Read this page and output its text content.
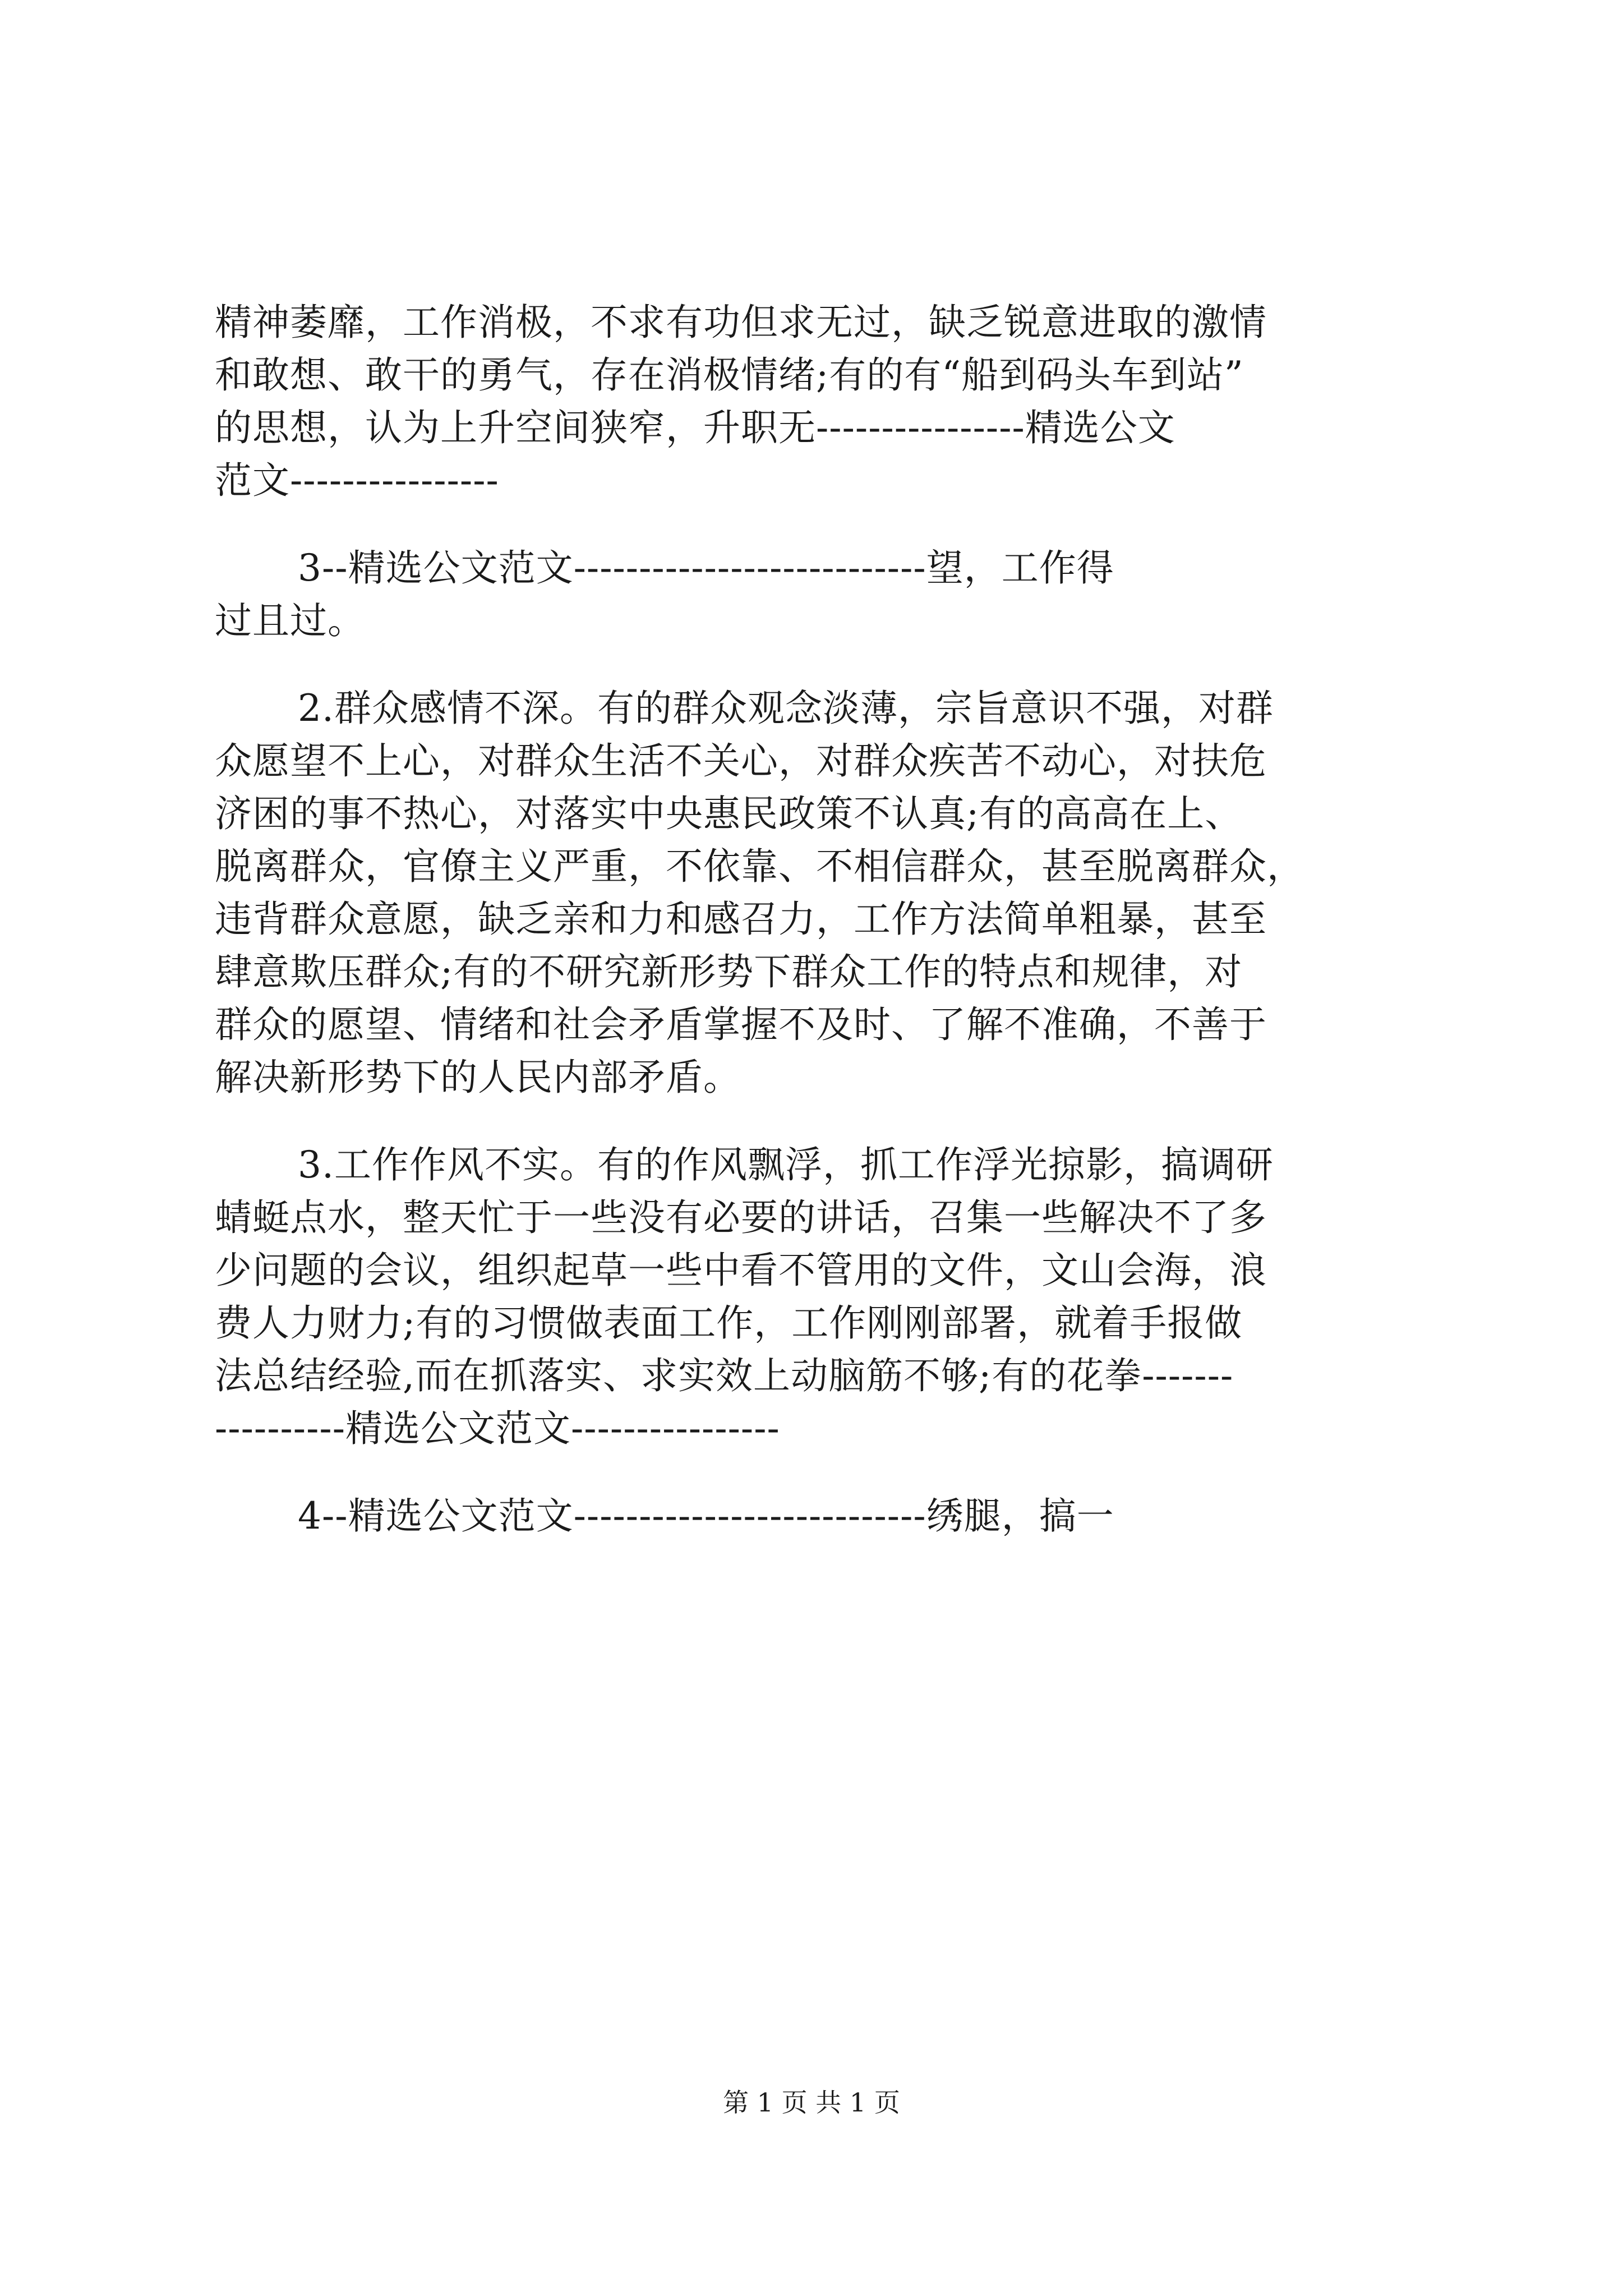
精神萎靡，工作消极，不求有功但求无过，缺乏锐意进取的激情
和敢想、敢干的勇气，存在消极情绪;有的有“船到码头车到站”
的思想，认为上升空间狭窄，升职无----------------精选公文
范文----------------
3--精选公文范文---------------------------望，工作得
过且过。
2.群众感情不深。有的群众观念淡薄，宗旨意识不强，对群
众愿望不上心，对群众生活不关心，对群众疾苦不动心，对扶危
济困的事不热心，对落实中央惠民政策不认真;有的高高在上、
脱离群众，官僚主义严重，不依靠、不相信群众，甚至脱离群众，
违背群众意愿，缺乏亲和力和感召力，工作方法简单粗暴，甚至
肆意欺压群众;有的不研究新形势下群众工作的特点和规律，对
群众的愿望、情绪和社会矛盾掌握不及时、了解不准确，不善于
解决新形势下的人民内部矛盾。
3.工作作风不实。有的作风飘浮，抓工作浮光掠影，搞调研
蜻蜓点水，整天忙于一些没有必要的讲话，召集一些解决不了多
少问题的会议，组织起草一些中看不管用的文件，文山会海，浪
费人力财力;有的习惯做表面工作，工作刚刚部署，就着手报做
法总结经验,而在抓落实、求实效上动脑筋不够;有的花拳-------
----------精选公文范文----------------
4--精选公文范文---------------------------绣腿，搞一
第 1 页 共 1 页
